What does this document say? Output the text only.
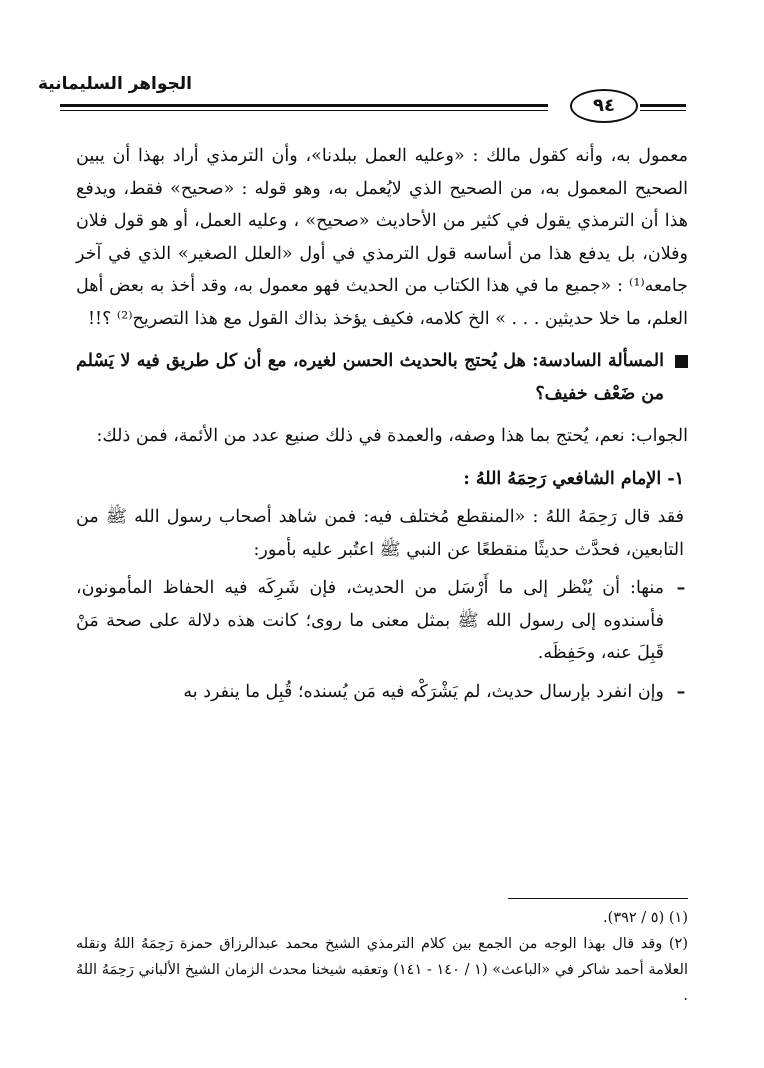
الجواهر السليمانية
٩٤

معمول به، وأنه كقول مالك : «وعليه العمل ببلدنا»، وأن الترمذي أراد بهذا أن يبين الصحيح المعمول به، من الصحيح الذي لايُعمل به، وهو قوله : «صحيح» فقط، ويدفع هذا أن الترمذي يقول في كثير من الأحاديث «صحيح» ، وعليه العمل، أو هو قول فلان وفلان، بل يدفع هذا من أساسه قول الترمذي في أول «العلل الصغير» الذي في آخر جامعه⁽¹⁾ : «جميع ما في هذا الكتاب من الحديث فهو معمول به، وقد أخذ به بعض أهل العلم، ما خلا حديثين . . . » الخ كلامه، فكيف يؤخذ بذاك القول مع هذا التصريح⁽²⁾ ؟!!

المسألة السادسة: هل يُحتج بالحديث الحسن لغيره، مع أن كل طريق فيه لا يَسْلم من ضَعْف خفيف؟

الجواب: نعم، يُحتج بما هذا وصفه، والعمدة في ذلك صنيع عدد من الأئمة، فمن ذلك:

١- الإمام الشافعي رَحِمَهُ اللهُ :

فقد قال رَحِمَهُ اللهُ : «المنقطع مُختلف فيه: فمن شاهد أصحاب رسول الله ﷺ من التابعين، فحدَّث حديثًا منقطعًا عن النبي ﷺ اعتُبر عليه بأمور:

–
منها: أن يُنْظر إلى ما أَرْسَل من الحديث، فإن شَرِكَه فيه الحفاظ المأمونون، فأسندوه إلى رسول الله ﷺ بمثل معنى ما روى؛ كانت هذه دلالة على صحة مَنْ قَبِلَ عنه، وحَفِظَه.

–
وإن انفرد بإرسال حديث، لم يَشْرَكْه فيه مَن يُسنده؛ قُبِل ما ينفرد به

(١) (٥ / ٣٩٢).

(٢) وقد قال بهذا الوجه من الجمع بين كلام الترمذي الشيخ محمد عبدالرزاق حمزة رَحِمَهُ اللهُ ونقله العلامة أحمد شاكر في «الباعث» (١ / ١٤٠ - ١٤١) وتعقبه شيخنا محدث الزمان الشيخ الألباني رَحِمَهُ اللهُ .
